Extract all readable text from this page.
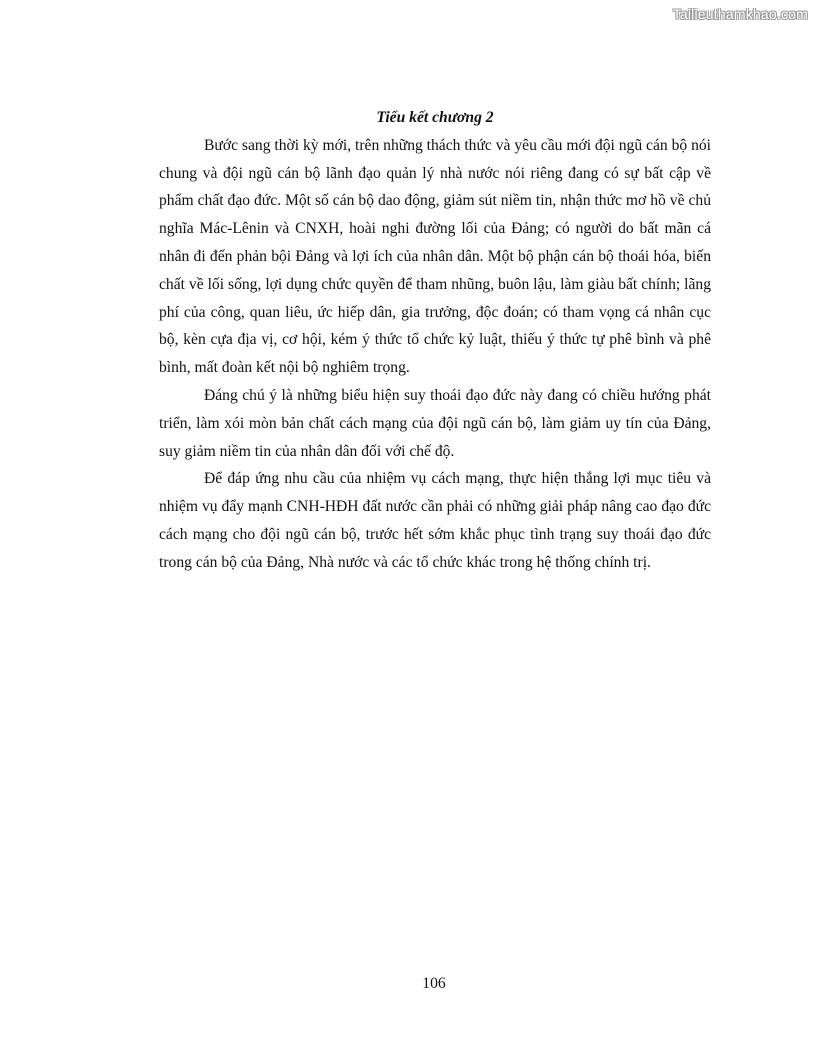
Tailieuthamkhao.com

Tiểu kết chương 2

Bước sang thời kỳ mới, trên những thách thức và yêu cầu mới đội ngũ cán bộ nói chung và đội ngũ cán bộ lãnh đạo quản lý nhà nước nói riêng đang có sự bất cập về phẩm chất đạo đức. Một số cán bộ dao động, giảm sút niềm tin, nhận thức mơ hồ về chủ nghĩa Mác-Lênin và CNXH, hoài nghi đường lối của Đảng; có người do bất mãn cá nhân đi đến phản bội Đảng và lợi ích của nhân dân. Một bộ phận cán bộ thoái hóa, biến chất về lối sống, lợi dụng chức quyền để tham nhũng, buôn lậu, làm giàu bất chính; lãng phí của công, quan liêu, ức hiếp dân, gia trưởng, độc đoán; có tham vọng cá nhân cục bộ, kèn cựa địa vị, cơ hội, kém ý thức tổ chức kỷ luật, thiếu ý thức tự phê bình và phê bình, mất đoàn kết nội bộ nghiêm trọng.

Đáng chú ý là những biểu hiện suy thoái đạo đức này đang có chiều hướng phát triển, làm xói mòn bản chất cách mạng của đội ngũ cán bộ, làm giảm uy tín của Đảng, suy giảm niềm tin của nhân dân đối với chế độ.

Để đáp ứng nhu cầu của nhiệm vụ cách mạng, thực hiện thắng lợi mục tiêu và nhiệm vụ đẩy mạnh CNH-HĐH đất nước cần phải có những giải pháp nâng cao đạo đức cách mạng cho đội ngũ cán bộ, trước hết sớm khắc phục tình trạng suy thoái đạo đức trong cán bộ của Đảng, Nhà nước và các tổ chức khác trong hệ thống chính trị.

106
